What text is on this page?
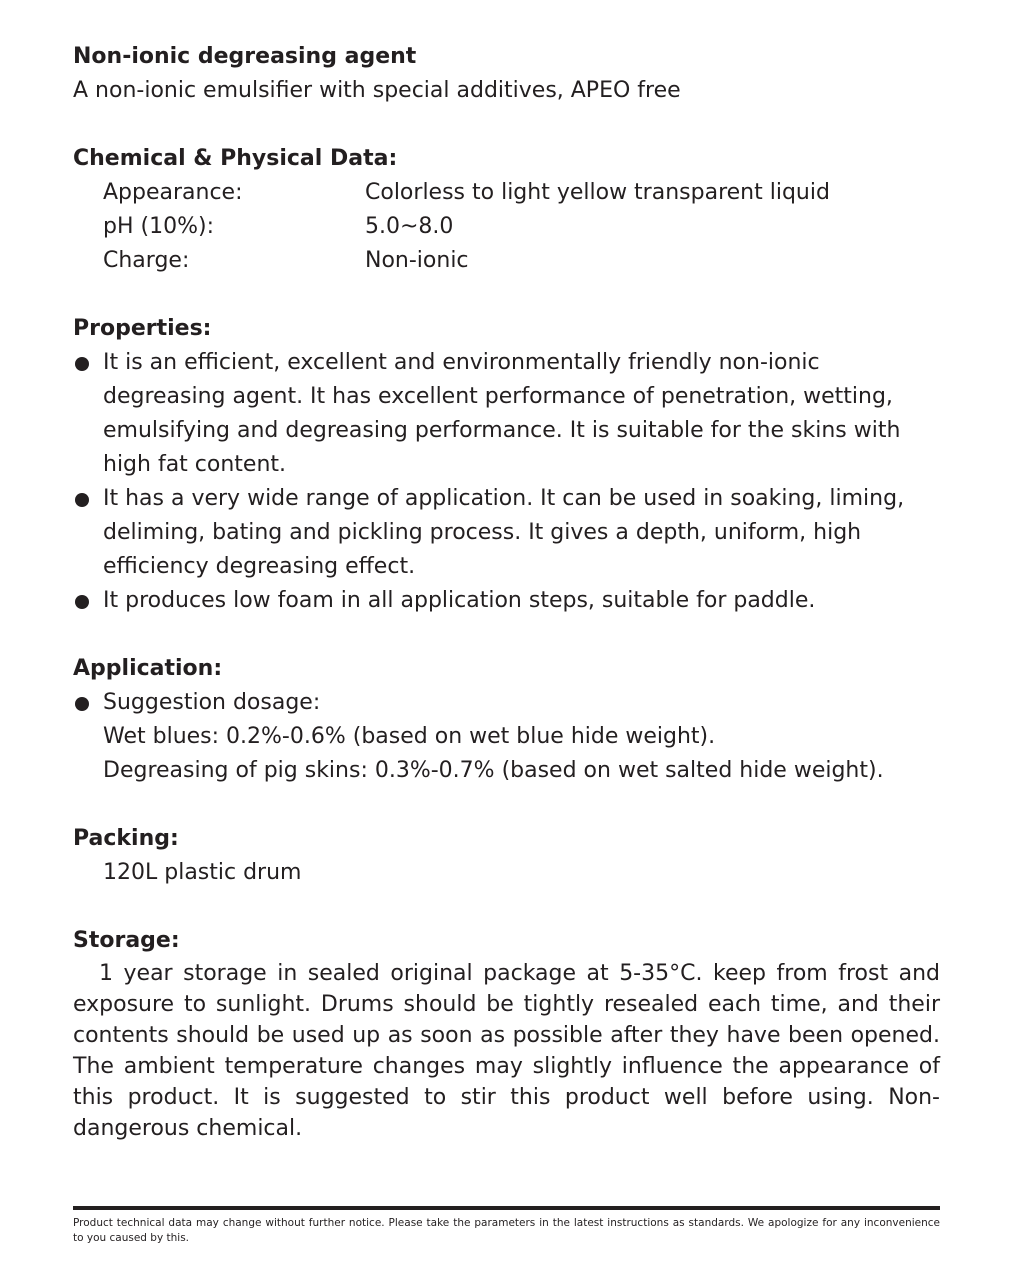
Non-ionic degreasing agent

A non-ionic emulsifier with special additives, APEO free

Chemical & Physical Data:

Appearance:	Colorless to light yellow transparent liquid
pH (10%):	5.0~8.0
Charge:	Non-ionic

Properties:

It is an efficient, excellent and environmentally friendly non-ionic degreasing agent. It has excellent performance of penetration, wetting, emulsifying and degreasing performance. It is suitable for the skins with high fat content.
It has a very wide range of application. It can be used in soaking, liming, deliming, bating and pickling process. It gives a depth, uniform, high efficiency degreasing effect.
It produces low foam in all application steps, suitable for paddle.

Application:

Suggestion dosage:
Wet blues: 0.2%-0.6% (based on wet blue hide weight).
Degreasing of pig skins: 0.3%-0.7% (based on wet salted hide weight).

Packing:

120L plastic drum

Storage:

1 year storage in sealed original package at 5-35°C. keep from frost and exposure to sunlight. Drums should be tightly resealed each time, and their contents should be used up as soon as possible after they have been opened. The ambient temperature changes may slightly influence the appearance of this product. It is suggested to stir this product well before using. Non-dangerous chemical.

Product technical data may change without further notice. Please take the parameters in the latest instructions as standards. We apologize for any inconvenience to you caused by this.
